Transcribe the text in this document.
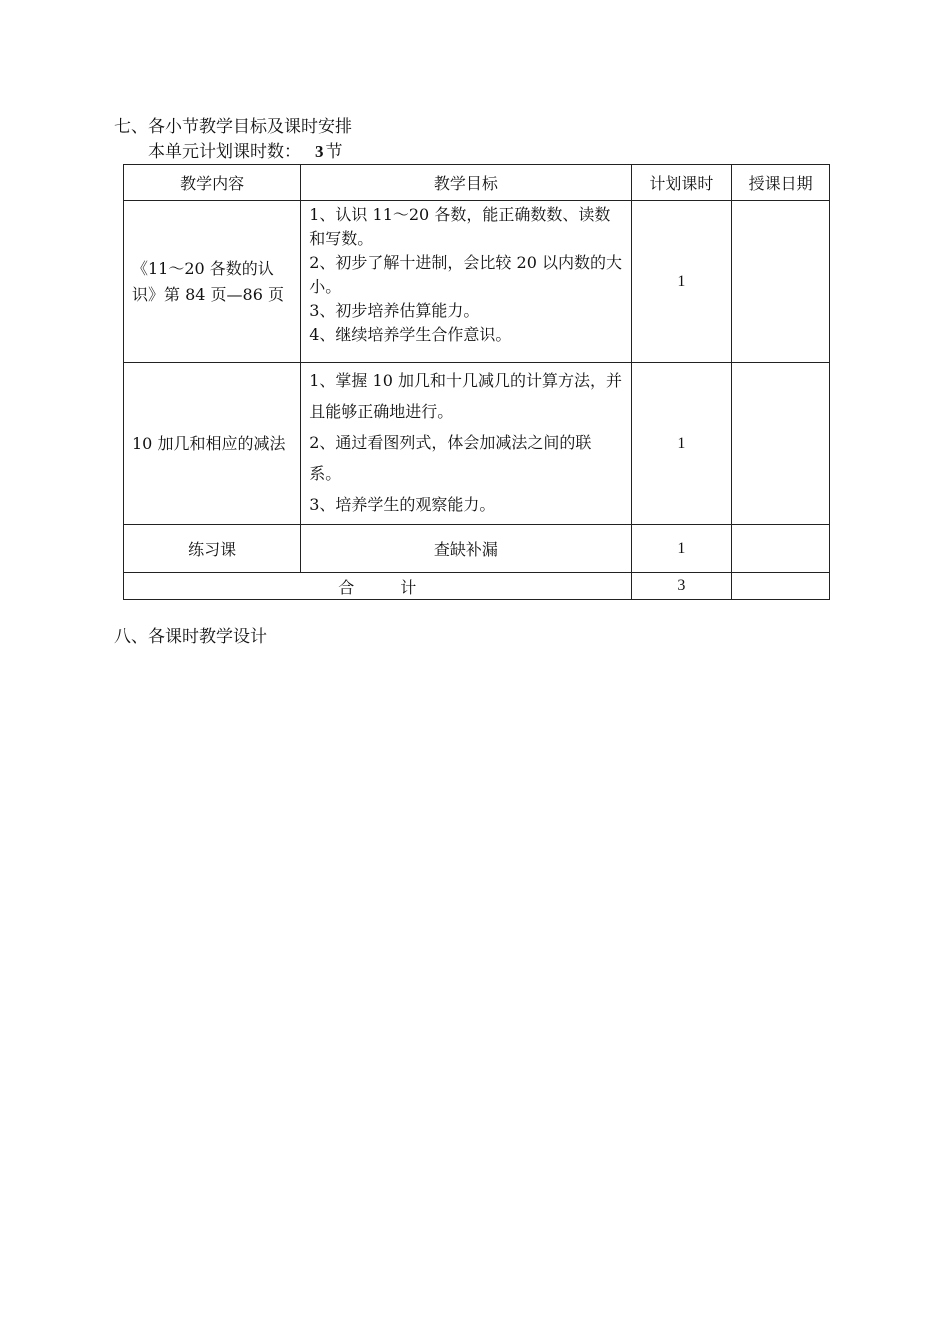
七、各小节教学目标及课时安排
本单元计划课时数： 3 节
教学内容	教学目标	计划课时	授课日期
《11～20 各数的认识》第 84 页—86 页	1、认识 11～20 各数，能正确数数、读数和写数。
2、初步了解十进制，会比较 20 以内数的大小。
3、初步培养估算能力。
4、继续培养学生合作意识。	1	
10 加几和相应的减法	1、掌握 10 加几和十几减几的计算方法，并且能够正确地进行。
2、通过看图列式，体会加减法之间的联系。
3、培养学生的观察能力。	1	
练习课	查缺补漏	1	
合计		3	
八、各课时教学设计
